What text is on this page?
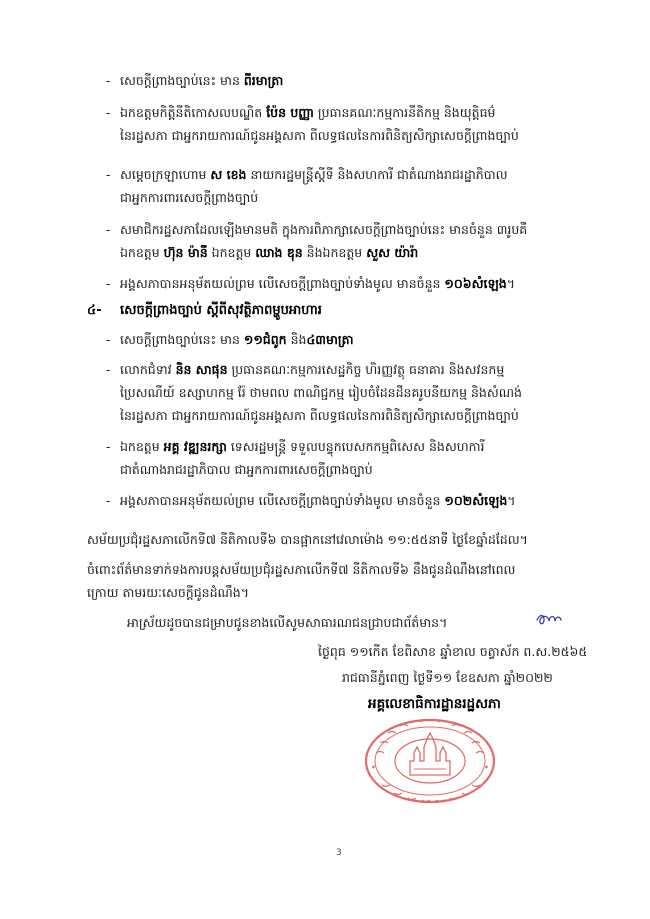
- សេចក្តីព្រាងច្បាប់នេះ មាន ពីរមាត្រា
- ឯកឧត្តមកិត្តិនីតិកោសលបណ្ឌិត ប៉ែន បញ្ញា ប្រធានគណៈកម្មការនីតិកម្ម និងយុត្តិធម៌
នៃរដ្ឋសភា ជាអ្នករាយការណ៍ជូនអង្គសភា ពីលទ្ធផលនៃការពិនិត្យសិក្សាសេចក្តីព្រាងច្បាប់
- សម្តេចក្រឡាហោម ស ខេង នាយករដ្ឋមន្ត្រីស្តីទី និងសហការី ជាតំណាងរាជរដ្ឋាភិបាល
ជាអ្នកការពារសេចក្តីព្រាងច្បាប់
- សមាជិករដ្ឋសភាដែលឡើងមានមតិ ក្នុងការពិភាក្សាសេចក្តីព្រាងច្បាប់នេះ មានចំនួន ៣រូបគឺ
ឯកឧត្តម ហ៊ុន ម៉ានី ឯកឧត្តម ឈាង ឌុន និងឯកឧត្តម សួស យ៉ារ៉ា
- អង្គសភាបានអនុម័តយល់ព្រម លើសេចក្តីព្រាងច្បាប់ទាំងមូល មានចំនួន ១០៦សំឡេង។
៤- សេចក្តីព្រាងច្បាប់ ស្តីពីសុវត្ថិភាពម្ហូបអាហារ
- សេចក្តីព្រាងច្បាប់នេះ មាន ១១ជំពូក និង៤៣មាត្រា
- លោកជំទាវ និន សាផុន ប្រធានគណៈកម្មការសេដ្ឋកិច្ច ហិរញ្ញវត្ថុ ធនាគារ និងសវនកម្ម
ប្រៃសណីយ៍ ឧស្សាហកម្ម រ៉ែ ថាមពល ពាណិជ្ជកម្ម រៀបចំដែនដីនគរូបនីយកម្ម និងសំណង់
នៃរដ្ឋសភា ជាអ្នករាយការណ៍ជូនអង្គសភា ពីលទ្ធផលនៃការពិនិត្យសិក្សាសេចក្តីព្រាងច្បាប់
- ឯកឧត្តម អគ្គ វឌ្ឍនរក្សា ទេសរដ្ឋមន្ត្រី ទទួលបន្ទុកបេសកកម្មពិសេស និងសហការី
ជាតំណាងរាជរដ្ឋាភិបាល ជាអ្នកការពារសេចក្តីព្រាងច្បាប់
- អង្គសភាបានអនុម័តយល់ព្រម លើសេចក្តីព្រាងច្បាប់ទាំងមូល មានចំនួន ១០២សំឡេង។
សម័យប្រជុំរដ្ឋសភាលើកទី៧ នីតិកាលទី៦ បានផ្អាកនៅវេលាម៉ោង ១១:៥៥នាទី ថ្ងៃខែឆ្នាំដដែល។
ចំពោះព័ត៌មានទាក់ទងការបន្តសម័យប្រជុំរដ្ឋសភាលើកទី៧ នីតិកាលទី៦ នឹងជូនដំណឹងនៅពេល
ក្រោយ តាមរយៈសេចក្តីជូនដំណឹង។
អាស្រ័យដូចបានជម្រាបជូនខាងលើសូមសាធារណជនជ្រាបជាព័ត៌មាន។
ថ្ងៃពុធ ១១កើត ខែពិសាខ ឆ្នាំខាល ចត្វាស័ក ព.ស.២៥៦៥
រាជធានីភ្នំពេញ ថ្ងៃទី១១ ខែឧសភា ឆ្នាំ២០២២
អគ្គលេខាធិការដ្ឋានរដ្ឋសភា
3
